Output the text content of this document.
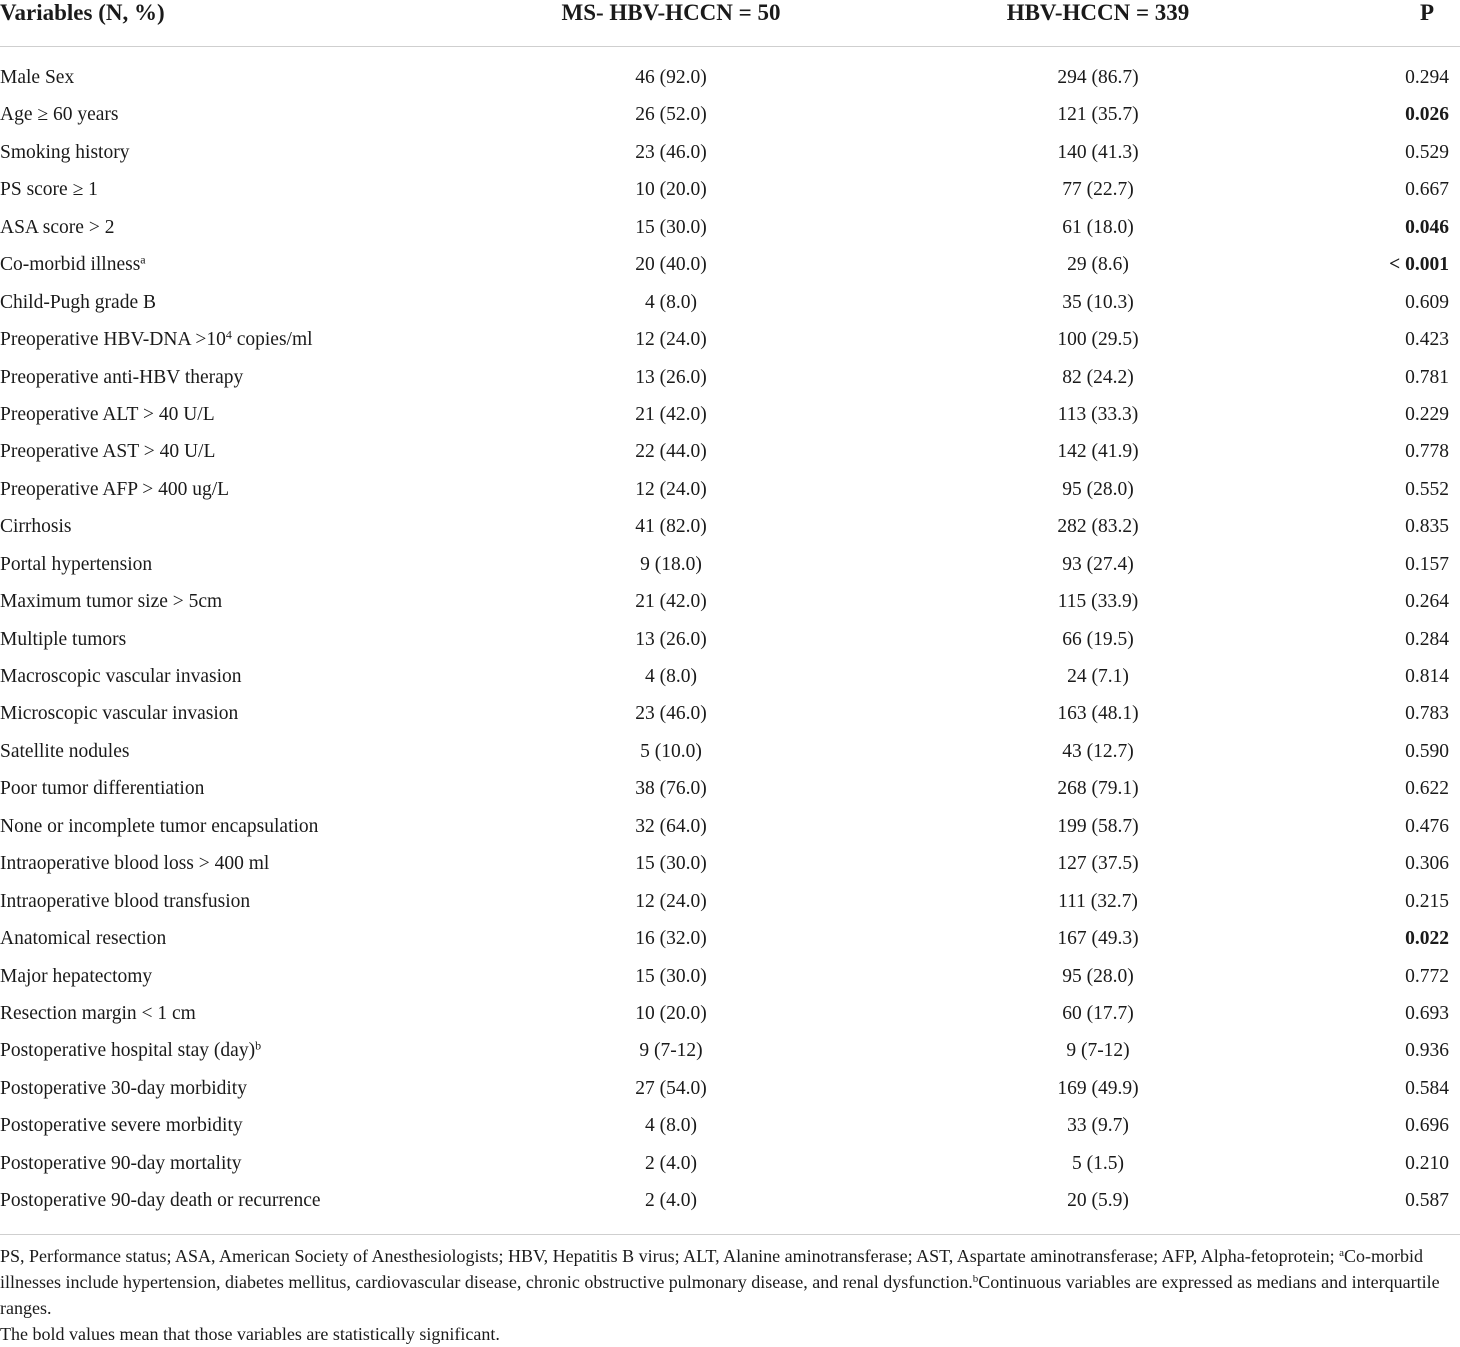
Variables (N, %)	MS- HBV-HCCN = 50	HBV-HCCN = 339	P
Male Sex	46 (92.0)	294 (86.7)	0.294
Age ≥ 60 years	26 (52.0)	121 (35.7)	0.026
Smoking history	23 (46.0)	140 (41.3)	0.529
PS score ≥ 1	10 (20.0)	77 (22.7)	0.667
ASA score > 2	15 (30.0)	61 (18.0)	0.046
Co-morbid illness$^a$	20 (40.0)	29 (8.6)	< 0.001
Child-Pugh grade B	4 (8.0)	35 (10.3)	0.609
Preoperative $HBV-DNA >10^4$ copies/ml	12 (24.0)	100 (29.5)	0.423
Preoperative anti-HBV therapy	13 (26.0)	82 (24.2)	0.781
Preoperative ALT > 40 U/L	21 (42.0)	113 (33.3)	0.229
Preoperative AST > 40 U/L	22 (44.0)	142 (41.9)	0.778
Preoperative AFP > 400 ug/L	12 (24.0)	95 (28.0)	0.552
Cirrhosis	41 (82.0)	282 (83.2)	0.835
Portal hypertension	9 (18.0)	93 (27.4)	0.157
Maximum tumor size > 5cm	21 (42.0)	115 (33.9)	0.264
Multiple tumors	13 (26.0)	66 (19.5)	0.284
Macroscopic vascular invasion	4 (8.0)	24 (7.1)	0.814
Microscopic vascular invasion	23 (46.0)	163 (48.1)	0.783
Satellite nodules	5 (10.0)	43 (12.7)	0.590
Poor tumor differentiation	38 (76.0)	268 (79.1)	0.622
None or incomplete tumor encapsulation	32 (64.0)	199 (58.7)	0.476
Intraoperative blood loss > 400 ml	15 (30.0)	127 (37.5)	0.306
Intraoperative blood transfusion	12 (24.0)	111 (32.7)	0.215
Anatomical resection	16 (32.0)	167 (49.3)	0.022
Major hepatectomy	15 (30.0)	95 (28.0)	0.772
Resection margin < 1 cm	10 (20.0)	60 (17.7)	0.693
Postoperative hospital stay (day)$^b$	9 (7-12)	9 (7-12)	0.936
Postoperative 30-day morbidity	27 (54.0)	169 (49.9)	0.584
Postoperative severe morbidity	4 (8.0)	33 (9.7)	0.696
Postoperative 90-day mortality	2 (4.0)	5 (1.5)	0.210
Postoperative 90-day death or recurrence	2 (4.0)	20 (5.9)	0.587

PS, Performance status; ASA, American Society of Anesthesiologists; HBV, Hepatitis B virus; ALT, Alanine aminotransferase; AST, Aspartate aminotransferase; AFP, Alpha-fetoprotein; $^a$Co-morbid illnesses include hypertension, diabetes mellitus, cardiovascular disease, chronic obstructive pulmonary disease, and renal dysfunction.$^b$Continuous variables are expressed as medians and interquartile ranges.

The bold values mean that those variables are statistically significant.
